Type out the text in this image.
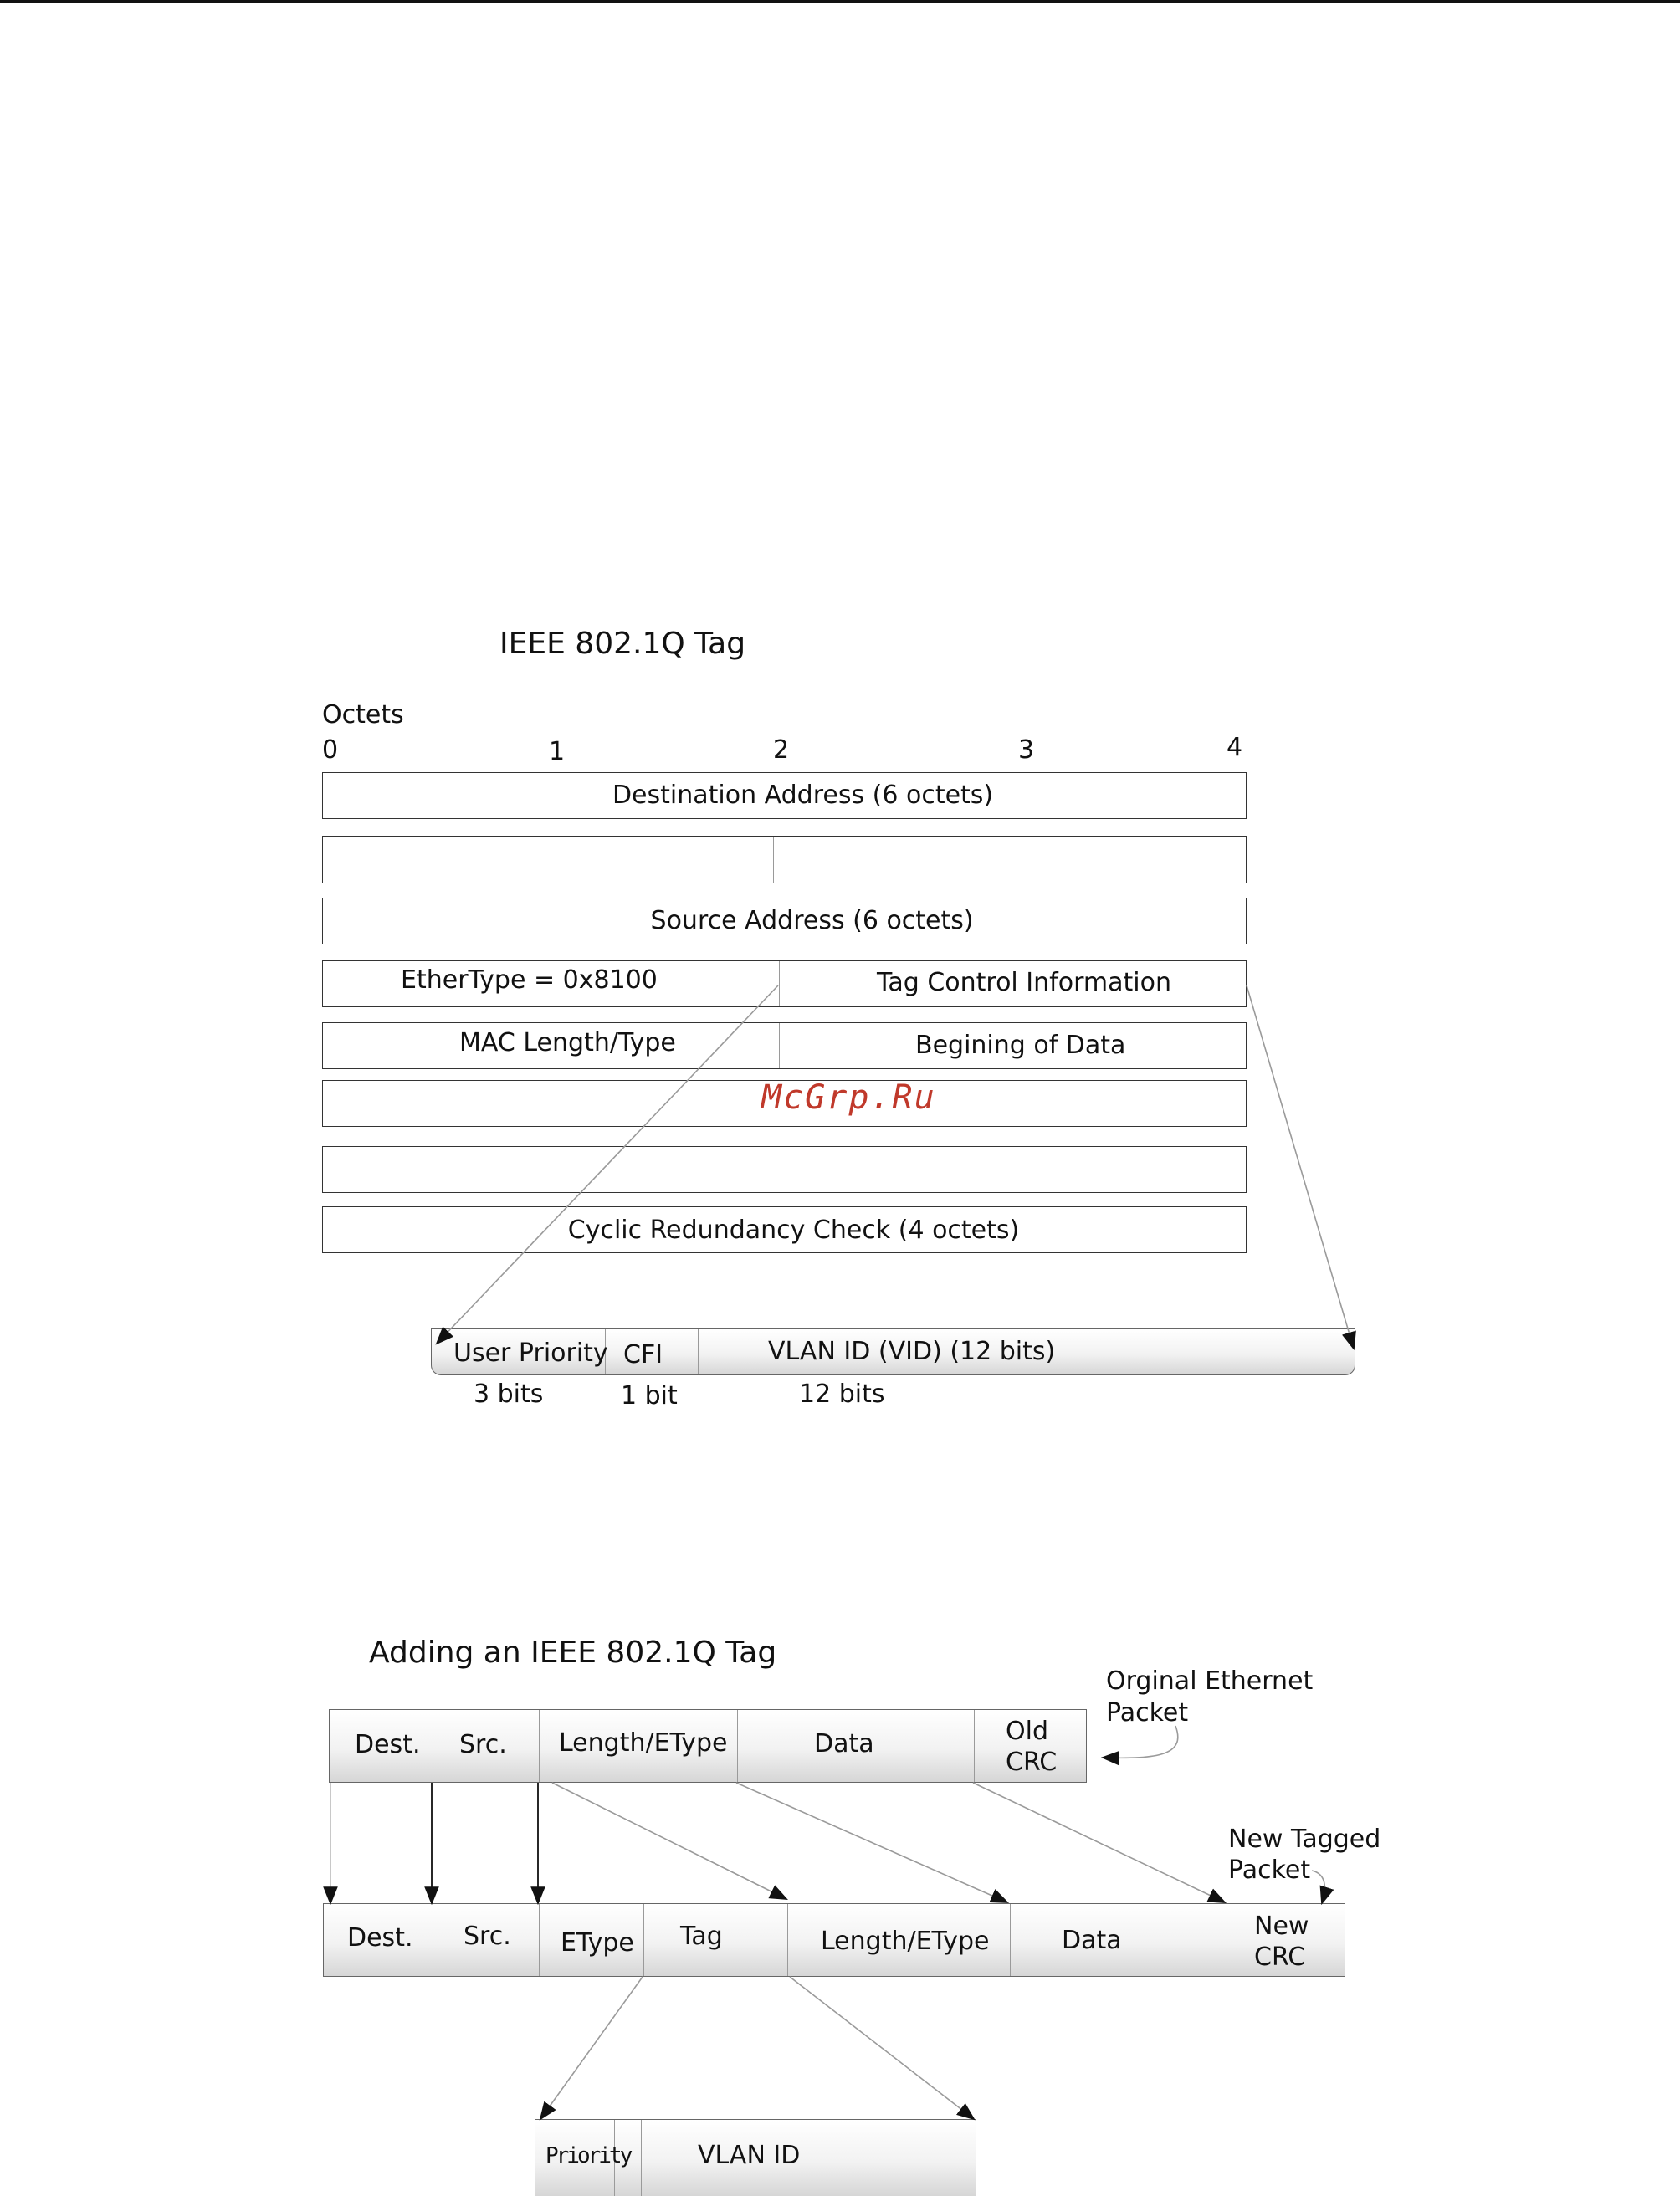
IEEE 802.1Q Tag
Octets
0	1	2	3	4
Destination Address (6 octets)
Source Address (6 octets)
EtherType = 0x8100	Tag Control Information
MAC Length/Type	Begining of Data
Cyclic Redundancy Check (4 octets)
McGrp.Ru
User Priority CFI	VLAN ID (VID) (12 bits)
3 bits	1 bit	12 bits
Adding an IEEE 802.1Q Tag
Orginal Ethernet
Packet
New Tagged
Packet
Dest. Src. Length/EType	Data	Old
CRC
Dest. Src. EType Tag	Length/EType	Data	New
CRC
Priority	VLAN ID
